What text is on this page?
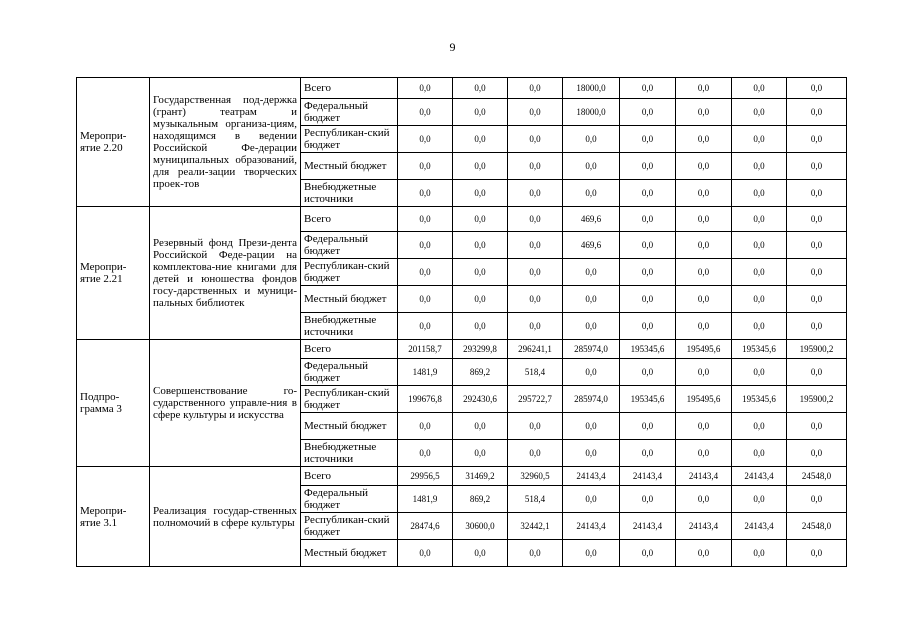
9
Меропри-ятие 2.20	Государственная под-держка (грант) театрам и музыкальным организа-циям, находящимся в ведении Российской Фе-дерации муниципальных образований, для реали-зации творческих проек-тов	Всего	0,0	0,0	0,0	18000,0	0,0	0,0	0,0	0,0
		Федеральный бюджет	0,0	0,0	0,0	18000,0	0,0	0,0	0,0	0,0
		Республикан-ский бюджет	0,0	0,0	0,0	0,0	0,0	0,0	0,0	0,0
		Местный бюджет	0,0	0,0	0,0	0,0	0,0	0,0	0,0	0,0
		Внебюджетные источники	0,0	0,0	0,0	0,0	0,0	0,0	0,0	0,0
Меропри-ятие 2.21	Резервный фонд Прези-дента Российской Феде-рации на комплектова-ние книгами для детей и юношества фондов госу-дарственных и муници-пальных библиотек	Всего	0,0	0,0	0,0	469,6	0,0	0,0	0,0	0,0
		Федеральный бюджет	0,0	0,0	0,0	469,6	0,0	0,0	0,0	0,0
		Республикан-ский бюджет	0,0	0,0	0,0	0,0	0,0	0,0	0,0	0,0
		Местный бюджет	0,0	0,0	0,0	0,0	0,0	0,0	0,0	0,0
		Внебюджетные источники	0,0	0,0	0,0	0,0	0,0	0,0	0,0	0,0
Подпро-грамма 3	Совершенствование го-сударственного управле-ния в сфере культуры и искусства	Всего	201158,7	293299,8	296241,1	285974,0	195345,6	195495,6	195345,6	195900,2
		Федеральный бюджет	1481,9	869,2	518,4	0,0	0,0	0,0	0,0	0,0
		Республикан-ский бюджет	199676,8	292430,6	295722,7	285974,0	195345,6	195495,6	195345,6	195900,2
		Местный бюджет	0,0	0,0	0,0	0,0	0,0	0,0	0,0	0,0
		Внебюджетные источники	0,0	0,0	0,0	0,0	0,0	0,0	0,0	0,0
Меропри-ятие 3.1	Реализация государ-ственных полномочий в сфере культуры	Всего	29956,5	31469,2	32960,5	24143,4	24143,4	24143,4	24143,4	24548,0
		Федеральный бюджет	1481,9	869,2	518,4	0,0	0,0	0,0	0,0	0,0
		Республикан-ский бюджет	28474,6	30600,0	32442,1	24143,4	24143,4	24143,4	24143,4	24548,0
		Местный бюджет	0,0	0,0	0,0	0,0	0,0	0,0	0,0	0,0
